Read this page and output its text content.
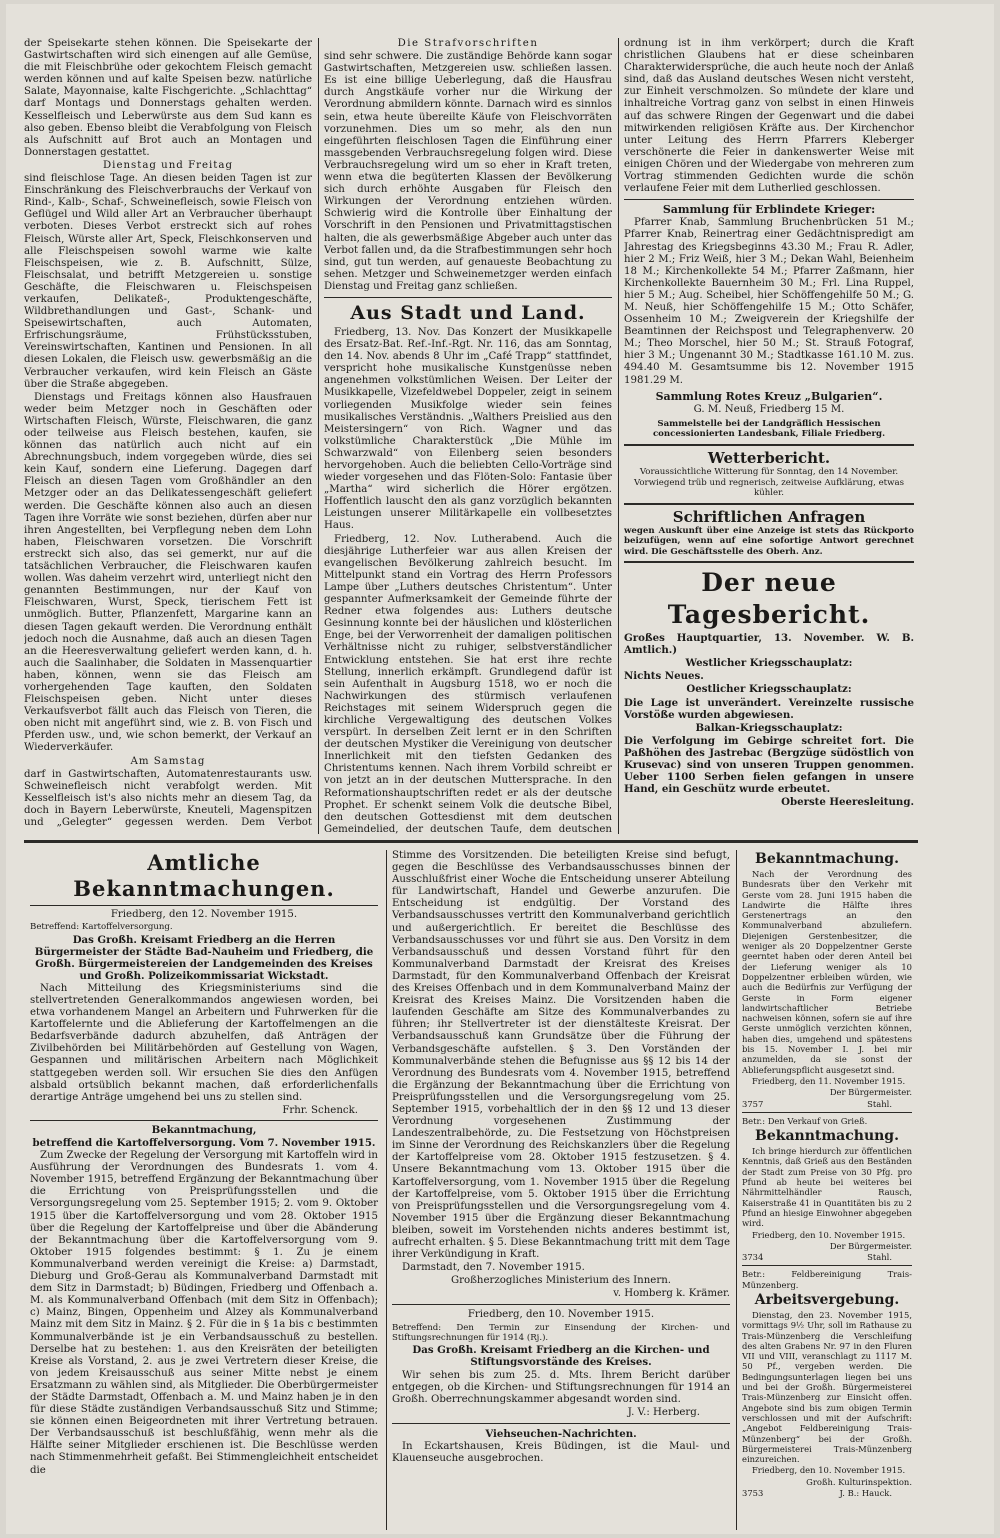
der Speisekarte stehen können. Die Speisekarte der Gastwirtschaften wird sich einengen auf alle Gemüse, die mit Fleischbrühe oder gekochtem Fleisch gemacht werden können und auf kalte Speisen bezw. natürliche Salate, Mayonnaise, kalte Fischgerichte. „Schlachttag“ darf Montags und Donnerstags gehalten werden. Kesselfleisch und Leberwürste aus dem Sud kann es also geben. Ebenso bleibt die Verabfolgung von Fleisch als Aufschnitt auf Brot auch an Montagen und Donnerstagen gestattet.

Dienstag und Freitag

sind fleischlose Tage. An diesen beiden Tagen ist zur Einschränkung des Fleischverbrauchs der Verkauf von Rind-, Kalb-, Schaf-, Schweinefleisch, sowie Fleisch von Geflügel und Wild aller Art an Verbraucher überhaupt verboten. Dieses Verbot erstreckt sich auf rohes Fleisch, Würste aller Art, Speck, Fleischkonserven und alle Fleischspeisen sowohl warme wie kalte Fleischspeisen, wie z. B. Aufschnitt, Sülze, Fleischsalat, und betrifft Metzgereien u. sonstige Geschäfte, die Fleischwaren u. Fleischspeisen verkaufen, Delikateß-, Produktengeschäfte, Wildbrethandlungen und Gast-, Schank- und Speisewirtschaften, auch Automaten, Erfrischungsräume, Frühstücksstuben, Vereinswirtschaften, Kantinen und Pensionen. In all diesen Lokalen, die Fleisch usw. gewerbsmäßig an die Verbraucher verkaufen, wird kein Fleisch an Gäste über die Straße abgegeben.

Dienstags und Freitags können also Hausfrauen weder beim Metzger noch in Geschäften oder Wirtschaften Fleisch, Würste, Fleischwaren, die ganz oder teilweise aus Fleisch bestehen, kaufen, sie können das natürlich auch nicht auf ein Abrechnungsbuch, indem vorgegeben würde, dies sei kein Kauf, sondern eine Lieferung. Dagegen darf Fleisch an diesen Tagen vom Großhändler an den Metzger oder an das Delikatessengeschäft geliefert werden. Die Geschäfte können also auch an diesen Tagen ihre Vorräte wie sonst beziehen, dürfen aber nur ihren Angestellten, bei Verpflegung neben dem Lohn haben, Fleischwaren vorsetzen. Die Vorschrift erstreckt sich also, das sei gemerkt, nur auf die tatsächlichen Verbraucher, die Fleischwaren kaufen wollen. Was daheim verzehrt wird, unterliegt nicht den genannten Bestimmungen, nur der Kauf von Fleischwaren, Wurst, Speck, tierischem Fett ist unmöglich. Butter, Pflanzenfett, Margarine kann an diesen Tagen gekauft werden. Die Verordnung enthält jedoch noch die Ausnahme, daß auch an diesen Tagen an die Heeresverwaltung geliefert werden kann, d. h. auch die Saalinhaber, die Soldaten in Massenquartier haben, können, wenn sie das Fleisch am vorhergehenden Tage kauften, den Soldaten Fleischspeisen geben. Nicht unter dieses Verkaufsverbot fällt auch das Fleisch von Tieren, die oben nicht mit angeführt sind, wie z. B. von Fisch und Pferden usw., und, wie schon bemerkt, der Verkauf an Wiederverkäufer.

Am Samstag

darf in Gastwirtschaften, Automatenrestaurants usw. Schweinefleisch nicht verabfolgt werden. Mit Kesselfleisch ist's also nichts mehr an diesem Tag, da doch in Bayern Leberwürste, Kneuteli, Magenspitzen und „Gelegter“ gegessen werden. Dem Verbot

Die Strafvorschriften

sind sehr schwere. Die zuständige Behörde kann sogar Gastwirtschaften, Metzgereien usw. schließen lassen. Es ist eine billige Ueberlegung, daß die Hausfrau durch Angstkäufe vorher nur die Wirkung der Verordnung abmildern könnte. Darnach wird es sinnlos sein, etwa heute übereilte Käufe von Fleischvorräten vorzunehmen. Dies um so mehr, als den nun eingeführten fleischlosen Tagen die Einführung einer massgebenden Verbrauchsregelung folgen wird. Diese Verbrauchsregelung wird um so eher in Kraft treten, wenn etwa die begüterten Klassen der Bevölkerung sich durch erhöhte Ausgaben für Fleisch den Wirkungen der Verordnung entziehen würden. Schwierig wird die Kontrolle über Einhaltung der Vorschrift in den Pensionen und Privatmittagstischen halten, die als gewerbsmäßige Abgeber auch unter das Verbot fallen und, da die Strafbestimmungen sehr hoch sind, gut tun werden, auf genaueste Beobachtung zu sehen. Metzger und Schweinemetzger werden einfach Dienstag und Freitag ganz schließen.

Aus Stadt und Land.

Friedberg, 13. Nov. Das Konzert der Musikkapelle des Ersatz-Bat. Ref.-Inf.-Rgt. Nr. 116, das am Sonntag, den 14. Nov. abends 8 Uhr im „Café Trapp“ stattfindet, verspricht hohe musikalische Kunstgenüsse neben angenehmen volkstümlichen Weisen. Der Leiter der Musikkapelle, Vizefeldwebel Doppeler, zeigt in seinem vorliegenden Musikfolge wieder sein feines musikalisches Verständnis. „Walthers Preislied aus den Meistersingern“ von Rich. Wagner und das volkstümliche Charakterstück „Die Mühle im Schwarzwald“ von Eilenberg seien besonders hervorgehoben. Auch die beliebten Cello-Vorträge sind wieder vorgesehen und das Flöten-Solo: Fantasie über „Martha“ wird sicherlich die Hörer ergötzen. Hoffentlich lauscht den als ganz vorzüglich bekannten Leistungen unserer Militärkapelle ein vollbesetztes Haus.

Friedberg, 12. Nov. Lutherabend. Auch die diesjährige Lutherfeier war aus allen Kreisen der evangelischen Bevölkerung zahlreich besucht. Im Mittelpunkt stand ein Vortrag des Herrn Professors Lampe über „Luthers deutsches Christentum“. Unter gespannter Aufmerksamkeit der Gemeinde führte der Redner etwa folgendes aus: Luthers deutsche Gesinnung konnte bei der häuslichen und klösterlichen Enge, bei der Verworrenheit der damaligen politischen Verhältnisse nicht zu ruhiger, selbstverständlicher Entwicklung entstehen. Sie hat erst ihre rechte Stellung, innerlich erkämpft. Grundlegend dafür ist sein Aufenthalt in Augsburg 1518, wo er noch die Nachwirkungen des stürmisch verlaufenen Reichstages mit seinem Widerspruch gegen die kirchliche Vergewaltigung des deutschen Volkes verspürt. In derselben Zeit lernt er in den Schriften der deutschen Mystiker die Vereinigung von deutscher Innerlichkeit mit den tiefsten Gedanken des Christentums kennen. Nach ihrem Vorbild schreibt er von jetzt an in der deutschen Muttersprache. In den Reformationshauptschriften redet er als der deutsche Prophet. Er schenkt seinem Volk die deutsche Bibel, den deutschen Gottesdienst mit dem deutschen Gemeindelied, der deutschen Taufe, dem deutschen

ordnung ist in ihm verkörpert; durch die Kraft christlichen Glaubens hat er diese scheinbaren Charakterwidersprüche, die auch heute noch der Anlaß sind, daß das Ausland deutsches Wesen nicht versteht, zur Einheit verschmolzen. So mündete der klare und inhaltreiche Vortrag ganz von selbst in einen Hinweis auf das schwere Ringen der Gegenwart und die dabei mitwirkenden religiösen Kräfte aus. Der Kirchenchor unter Leitung des Herrn Pfarrers Kleberger verschönerte die Feier in dankenswerter Weise mit einigen Chören und der Wiedergabe von mehreren zum Vortrag stimmenden Gedichten wurde die schön verlaufene Feier mit dem Lutherlied geschlossen.

Sammlung für Erblindete Krieger:

Pfarrer Knab, Sammlung Bruchenbrücken 51 M.; Pfarrer Knab, Reinertrag einer Gedächtnispredigt am Jahrestag des Kriegsbeginns 43.30 M.; Frau R. Adler, hier 2 M.; Friz Weiß, hier 3 M.; Dekan Wahl, Beienheim 18 M.; Kirchenkollekte 54 M.; Pfarrer Zaßmann, hier Kirchenkollekte Bauernheim 30 M.; Frl. Lina Ruppel, hier 5 M.; Aug. Scheibel, hier Schöffengehilfe 50 M.; G. M. Neuß, hier Schöffengehilfe 15 M.; Otto Schäfer, Ossenheim 10 M.; Zweigverein der Kriegshilfe der Beamtinnen der Reichspost und Telegraphenverw. 20 M.; Theo Morschel, hier 50 M.; St. Strauß Fotograf, hier 3 M.; Ungenannt 30 M.; Stadtkasse 161.10 M. zus. 494.40 M. Gesamtsumme bis 12. November 1915 1981.29 M.

Sammlung Rotes Kreuz „Bulgarien“.

G. M. Neuß, Friedberg 15 M.

Sammelstelle bei der Landgräflich Hessischen concessionierten Landesbank, Filiale Friedberg.

Wetterbericht.

Voraussichtliche Witterung für Sonntag, den 14 November.

Vorwiegend trüb und regnerisch, zeitweise Aufklärung, etwas kühler.

Schriftlichen Anfragen

wegen Auskunft über eine Anzeige ist stets das Rückporto beizufügen, wenn auf eine sofortige Antwort gerechnet wird. Die Geschäftsstelle des Oberh. Anz.

Der neue Tagesbericht.

Großes Hauptquartier, 13. November. W. B. Amtlich.)

Westlicher Kriegsschauplatz:

Nichts Neues.

Oestlicher Kriegsschauplatz:

Die Lage ist unverändert. Vereinzelte russische Vorstöße wurden abgewiesen.

Balkan-Kriegsschauplatz:

Die Verfolgung im Gebirge schreitet fort. Die Paßhöhen des Jastrebac (Bergzüge südöstlich von Krusevac) sind von unseren Truppen genommen. Ueber 1100 Serben fielen gefangen in unsere Hand, ein Geschütz wurde erbeutet.

Oberste Heeresleitung.

Amtliche Bekanntmachungen.

Friedberg, den 12. November 1915.

Betreffend: Kartoffelversorgung.

Das Großh. Kreisamt Friedberg an die Herren Bürgermeister der Städte Bad-Nauheim und Friedberg, die Großh. Bürgermeistereien der Landgemeinden des Kreises und Großh. Polizeikommissariat Wickstadt.

Nach Mitteilung des Kriegsministeriums sind die stellvertretenden Generalkommandos angewiesen worden, bei etwa vorhandenem Mangel an Arbeitern und Fuhrwerken für die Kartoffelernte und die Ablieferung der Kartoffelmengen an die Bedarfsverbände dadurch abzuhelfen, daß Anträgen der Zivilbehörden bei Militärbehörden auf Gestellung von Wagen, Gespannen und militärischen Arbeitern nach Möglichkeit stattgegeben werden soll. Wir ersuchen Sie dies den Anfügen alsbald ortsüblich bekannt machen, daß erforderlichenfalls derartige Anträge umgehend bei uns zu stellen sind.

Frhr. Schenck.

Bekanntmachung,

betreffend die Kartoffelversorgung. Vom 7. November 1915.

Zum Zwecke der Regelung der Versorgung mit Kartoffeln wird in Ausführung der Verordnungen des Bundesrats 1. vom 4. November 1915, betreffend Ergänzung der Bekanntmachung über die Errichtung von Preisprüfungsstellen und die Versorgungsregelung vom 25. September 1915; 2. vom 9. Oktober 1915 über die Kartoffelversorgung und vom 28. Oktober 1915 über die Regelung der Kartoffelpreise und über die Abänderung der Bekanntmachung über die Kartoffelversorgung vom 9. Oktober 1915 folgendes bestimmt: § 1. Zu je einem Kommunalverband werden vereinigt die Kreise: a) Darmstadt, Dieburg und Groß-Gerau als Kommunalverband Darmstadt mit dem Sitz in Darmstadt; b) Büdingen, Friedberg und Offenbach a. M. als Kommunalverband Offenbach (mit dem Sitz in Offenbach); c) Mainz, Bingen, Oppenheim und Alzey als Kommunalverband Mainz mit dem Sitz in Mainz. § 2. Für die in § 1a bis c bestimmten Kommunalverbände ist je ein Verbandsausschuß zu bestellen. Derselbe hat zu bestehen: 1. aus den Kreisräten der beteiligten Kreise als Vorstand, 2. aus je zwei Vertretern dieser Kreise, die von jedem Kreisausschuß aus seiner Mitte nebst je einem Ersatzmann zu wählen sind, als Mitglieder. Die Oberbürgermeister der Städte Darmstadt, Offenbach a. M. und Mainz haben je in den für diese Städte zuständigen Verbandsausschuß Sitz und Stimme; sie können einen Beigeordneten mit ihrer Vertretung betrauen. Der Verbandsausschuß ist beschlußfähig, wenn mehr als die Hälfte seiner Mitglieder erschienen ist. Die Beschlüsse werden nach Stimmenmehrheit gefaßt. Bei Stimmengleichheit entscheidet die

Stimme des Vorsitzenden. Die beteiligten Kreise sind befugt, gegen die Beschlüsse des Verbandsausschusses binnen der Ausschlußfrist einer Woche die Entscheidung unserer Abteilung für Landwirtschaft, Handel und Gewerbe anzurufen. Die Entscheidung ist endgültig. Der Vorstand des Verbandsausschusses vertritt den Kommunalverband gerichtlich und außergerichtlich. Er bereitet die Beschlüsse des Verbandsausschusses vor und führt sie aus. Den Vorsitz in dem Verbandsausschuß und dessen Vorstand führt für den Kommunalverband Darmstadt der Kreisrat des Kreises Darmstadt, für den Kommunalverband Offenbach der Kreisrat des Kreises Offenbach und in dem Kommunalverband Mainz der Kreisrat des Kreises Mainz. Die Vorsitzenden haben die laufenden Geschäfte am Sitze des Kommunalverbandes zu führen; ihr Stellvertreter ist der dienstälteste Kreisrat. Der Verbandsausschuß kann Grundsätze über die Führung der Verbandsgeschäfte aufstellen. § 3. Den Vorständen der Kommunalverbände stehen die Befugnisse aus §§ 12 bis 14 der Verordnung des Bundesrats vom 4. November 1915, betreffend die Ergänzung der Bekanntmachung über die Errichtung von Preisprüfungsstellen und die Versorgungsregelung vom 25. September 1915, vorbehaltlich der in den §§ 12 und 13 dieser Verordnung vorgesehenen Zustimmung der Landeszentralbehörde, zu. Die Festsetzung von Höchstpreisen im Sinne der Verordnung des Reichskanzlers über die Regelung der Kartoffelpreise vom 28. Oktober 1915 festzusetzen. § 4. Unsere Bekanntmachung vom 13. Oktober 1915 über die Kartoffelversorgung, vom 1. November 1915 über die Regelung der Kartoffelpreise, vom 5. Oktober 1915 über die Errichtung von Preisprüfungsstellen und die Versorgungsregelung vom 4. November 1915 über die Ergänzung dieser Bekanntmachung bleiben, soweit im Vorstehenden nichts anderes bestimmt ist, aufrecht erhalten. § 5. Diese Bekanntmachung tritt mit dem Tage ihrer Verkündigung in Kraft.

Darmstadt, den 7. November 1915.

Großherzogliches Ministerium des Innern.

v. Homberg k. Krämer.

Friedberg, den 10. November 1915.

Betreffend: Den Termin zur Einsendung der Kirchen- und Stiftungsrechnungen für 1914 (Rj.).

Das Großh. Kreisamt Friedberg an die Kirchen- und Stiftungsvorstände des Kreises.

Wir sehen bis zum 25. d. Mts. Ihrem Bericht darüber entgegen, ob die Kirchen- und Stiftungsrechnungen für 1914 an Großh. Oberrechnungskammer abgesandt worden sind.

J. V.: Herberg.

Viehseuchen-Nachrichten.

In Eckartshausen, Kreis Büdingen, ist die Maul- und Klauenseuche ausgebrochen.

Bekanntmachung.

Nach der Verordnung des Bundesrats über den Verkehr mit Gerste vom 28. Juni 1915 haben die Landwirte die Hälfte ihres Gerstenertrags an den Kommunalverband abzuliefern. Diejenigen Gerstenbesitzer, die weniger als 20 Doppelzentner Gerste geerntet haben oder deren Anteil bei der Lieferung weniger als 10 Doppelzentner erbleiben würden, wie auch die Bedürfnis zur Verfügung der Gerste in Form eigener landwirtschaftlicher Betriebe nachweisen können, sofern sie auf ihre Gerste unmöglich verzichten können, haben dies, umgehend und spätestens bis 15. November I. J. bei mir anzumelden, da sie sonst der Ablieferungspflicht ausgesetzt sind.

Friedberg, den 11. November 1915.

Der Bürgermeister.

3757	Stahl.

Betr.: Den Verkauf von Grieß.

Bekanntmachung.

Ich bringe hierdurch zur öffentlichen Kenntnis, daß Grieß aus den Beständen der Stadt zum Preise von 30 Pfg. pro Pfund ab heute bei weiteres bei Nährmittelhändler Rausch, Kaiserstraße 41 in Quantitäten bis zu 2 Pfund an hiesige Einwohner abgegeben wird.

Friedberg, den 10. November 1915.

Der Bürgermeister.

3734	Stahl.

Betr.: Feldbereinigung Trais-Münzenberg.

Arbeitsvergebung.

Dienstag, den 23. November 1915, vormittags 9½ Uhr, soll im Rathause zu Trais-Münzenberg die Verschleifung des alten Grabens Nr. 97 in den Fluren VII und VIII, veranschlagt zu 1117 M. 50 Pf., vergeben werden. Die Bedingungsunterlagen liegen bei uns und bei der Großh. Bürgermeisterei Trais-Münzenberg zur Einsicht offen. Angebote sind bis zum obigen Termin verschlossen und mit der Aufschrift: „Angebot Feldbereinigung Trais-Münzenberg“ bei der Großh. Bürgermeisterei Trais-Münzenberg einzureichen.

Friedberg, den 10. November 1915.

Großh. Kulturinspektion.

3753	J. B.: Hauck.
